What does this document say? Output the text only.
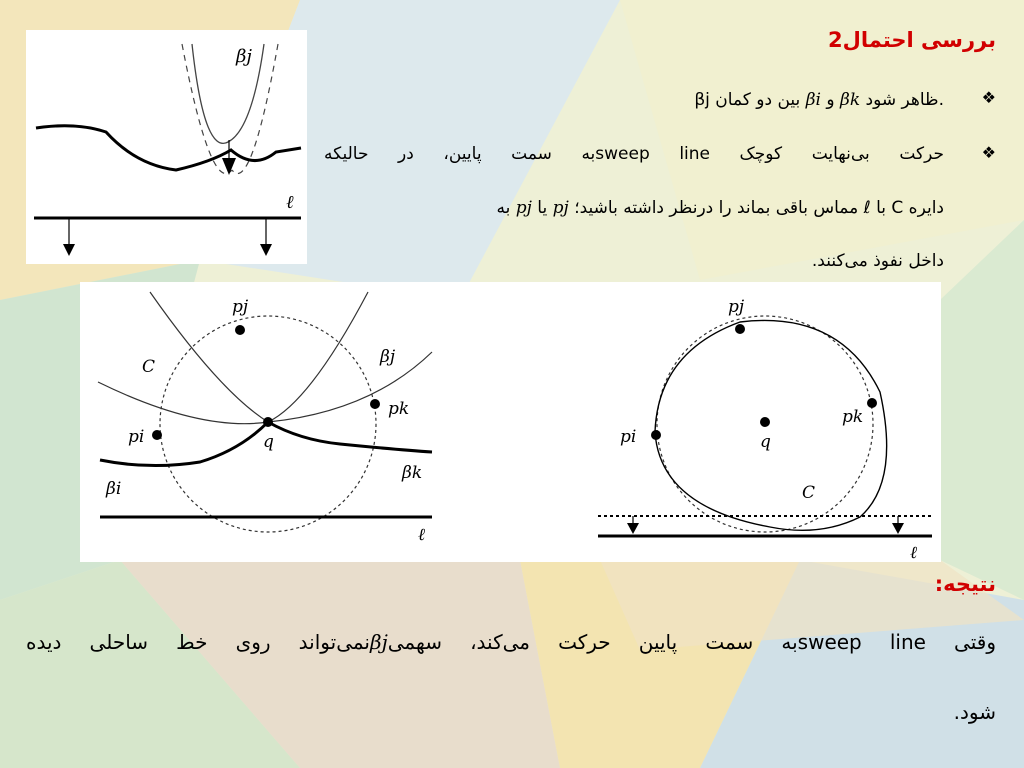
بررسی احتمال2
βj بین دو کمان βi و βk ظاهر شود. ❖
❖
حرکت بی‌نهایت کوچک sweep lineبه سمت پایین، در حالیکه
دایره C با ℓ مماس باقی بماند را درنظر داشته باشید؛ pj یا pj به
داخل نفوذ می‌کنند.
βj
ℓ
pj
C	βj
pk
pi	q
βi
βk
ℓ
pj
pk
pi	q
C
ℓ
نتیجه:
وقتی sweep lineبه سمت پایین حرکت می‌کند، سهمیβjنمی‌تواند روی خط ساحلی دیده
شود.
